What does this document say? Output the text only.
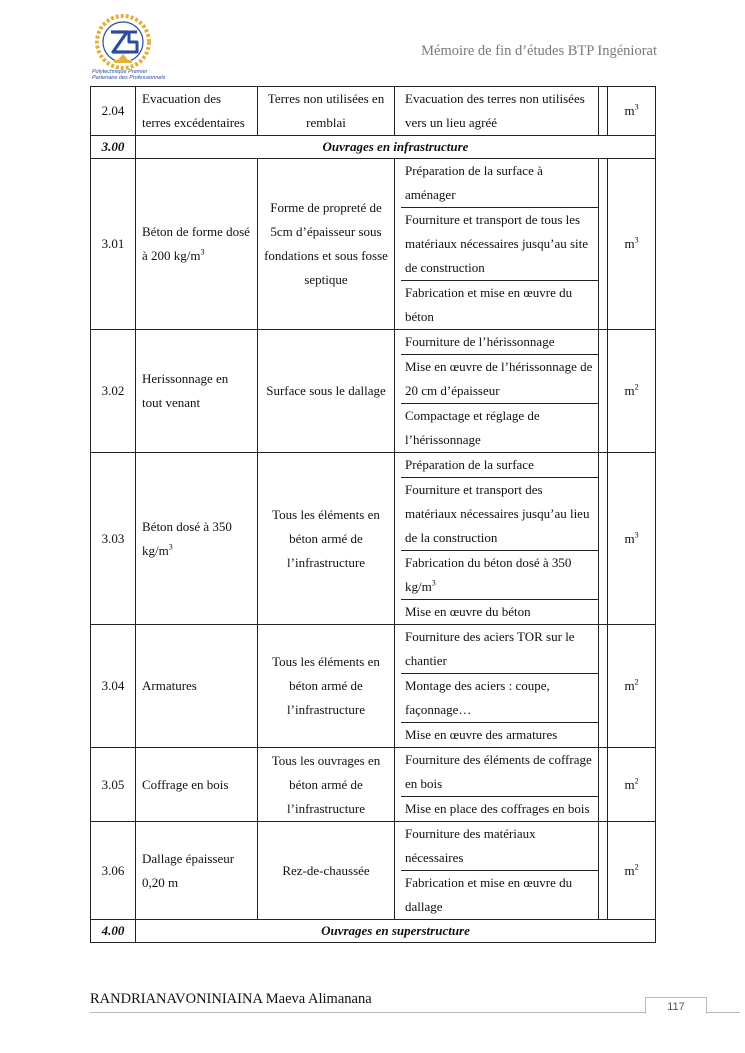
Polytechnique Premier Partenaire des Professionnels
Mémoire de fin d’études BTP Ingéniorat
2.04	Evacuation des terres excédentaires	Terres non utilisées en remblai	Evacuation des terres non utilisées vers un lieu agréé	$m^3$
3.00	Ouvrages en infrastructure			
3.01	Béton de forme dosé à 200 $kg/m^3$	Forme de propreté de 5cm d’épaisseur sous fondations et sous fosse septique	Préparation de la surface à aménager
Fourniture et transport de tous les matériaux nécessaires jusqu’au site de construction
Fabrication et mise en œuvre du béton	$m^3$
3.02	Herissonnage en tout venant	Surface sous le dallage	Fourniture de l’hérissonnage
Mise en œuvre de l’hérissonnage de 20 cm d’épaisseur
Compactage et réglage de l’hérissonnage	$m^2$
3.03	Béton dosé à 350 $kg/m^3$	Tous les éléments en béton armé de l’infrastructure	Préparation de la surface
Fourniture et transport des matériaux nécessaires jusqu’au lieu de la construction
Fabrication du béton dosé à 350 $kg/m^3$
Mise en œuvre du béton	$m^3$
3.04	Armatures	Tous les éléments en béton armé de l’infrastructure	Fourniture des aciers TOR sur le chantier
Montage des aciers : coupe, façonnage…
Mise en œuvre des armatures	$m^2$
3.05	Coffrage en bois	Tous les ouvrages en béton armé de l’infrastructure	Fourniture des éléments de coffrage en bois
Mise en place des coffrages en bois	$m^2$
3.06	Dallage épaisseur 0,20 m	Rez-de-chaussée	Fourniture des matériaux nécessaires
Fabrication et mise en œuvre du dallage	$m^2$
4.00	Ouvrages en superstructure			
RANDRIANAVONINIAINA Maeva Alimanana	117
